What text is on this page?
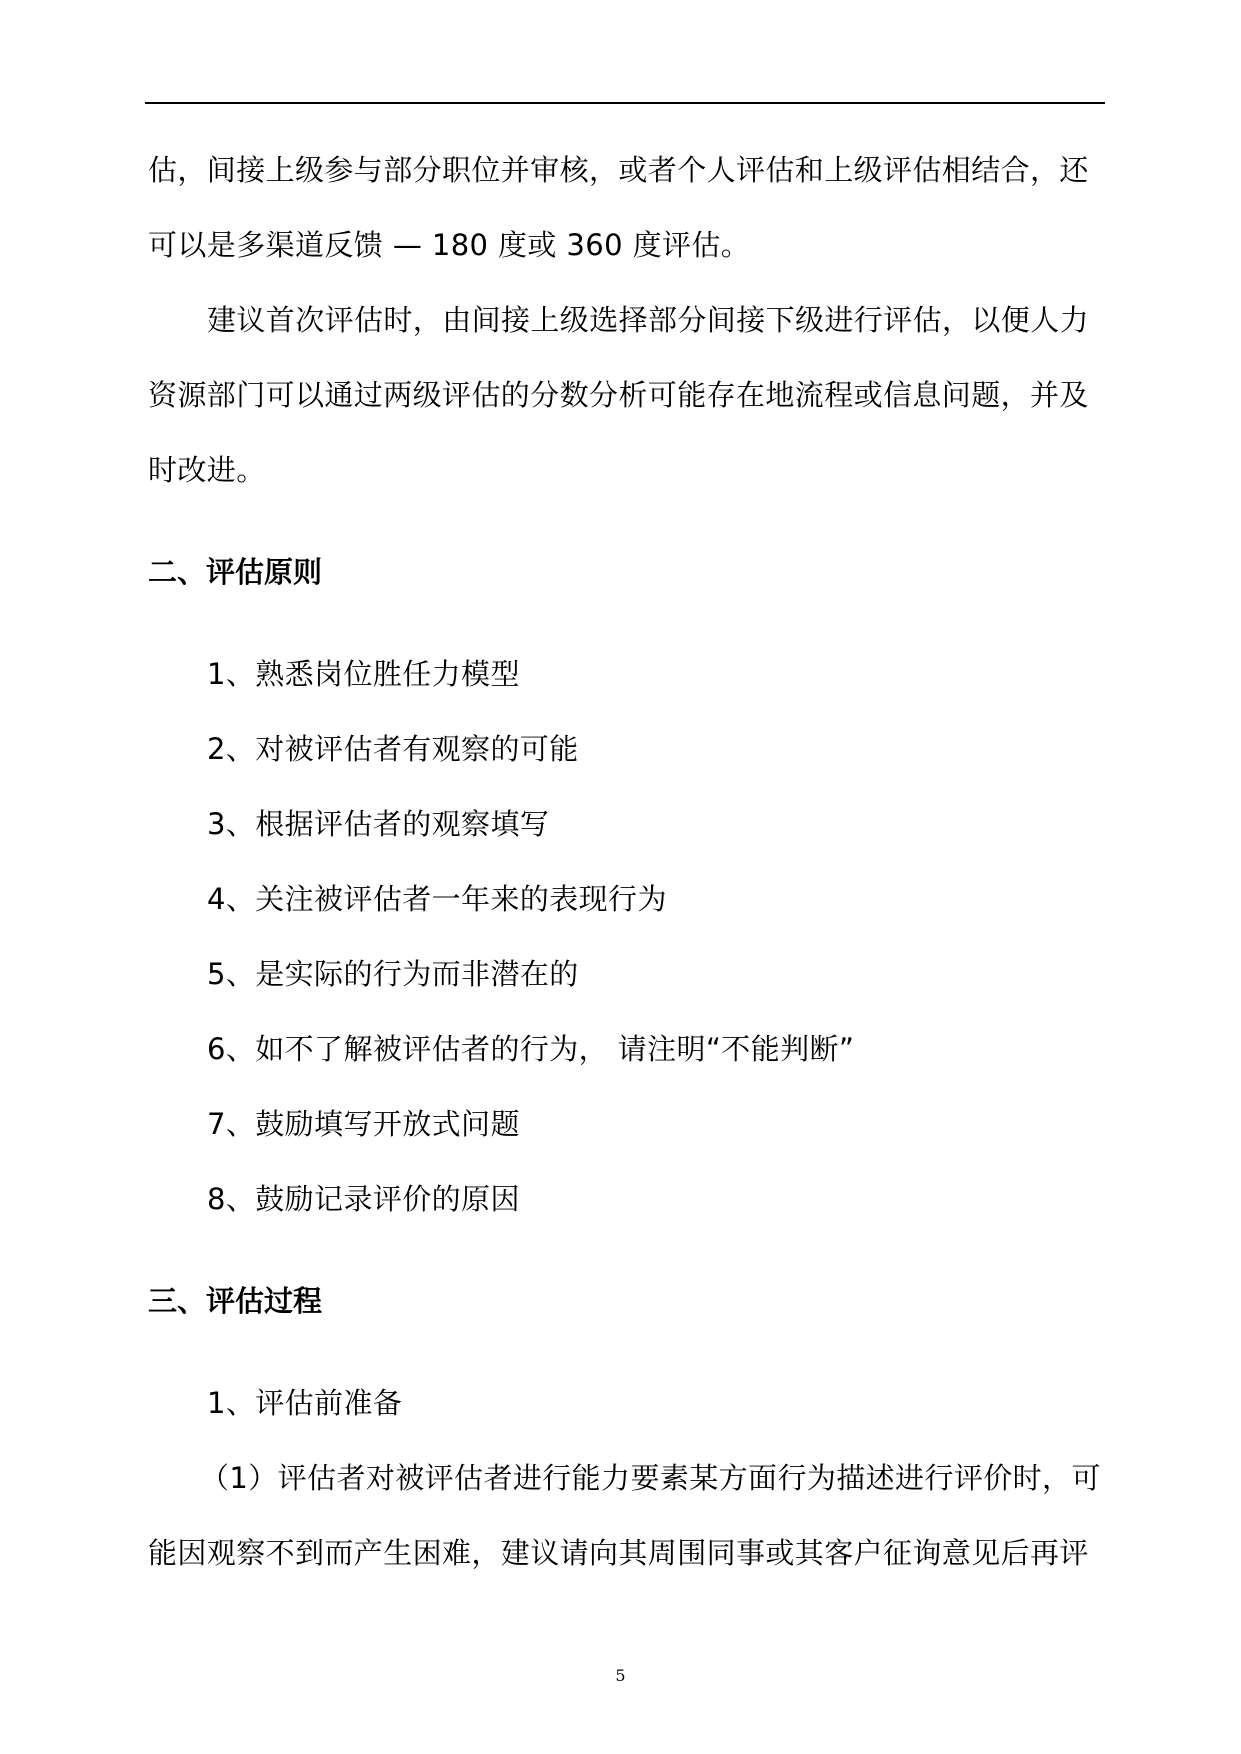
估，间接上级参与部分职位并审核，或者个人评估和上级评估相结合，还
可以是多渠道反馈 — 180 度或 360 度评估。
建议首次评估时，由间接上级选择部分间接下级进行评估，以便人力
资源部门可以通过两级评估的分数分析可能存在地流程或信息问题，并及
时改进。
二、评估原则
1、熟悉岗位胜任力模型
2、对被评估者有观察的可能
3、根据评估者的观察填写
4、关注被评估者一年来的表现行为
5、是实际的行为而非潜在的
6、如不了解被评估者的行为， 请注明“不能判断”
7、鼓励填写开放式问题
8、鼓励记录评价的原因
三、评估过程
1、评估前准备
（1）评估者对被评估者进行能力要素某方面行为描述进行评价时，可
能因观察不到而产生困难，建议请向其周围同事或其客户征询意见后再评
5
